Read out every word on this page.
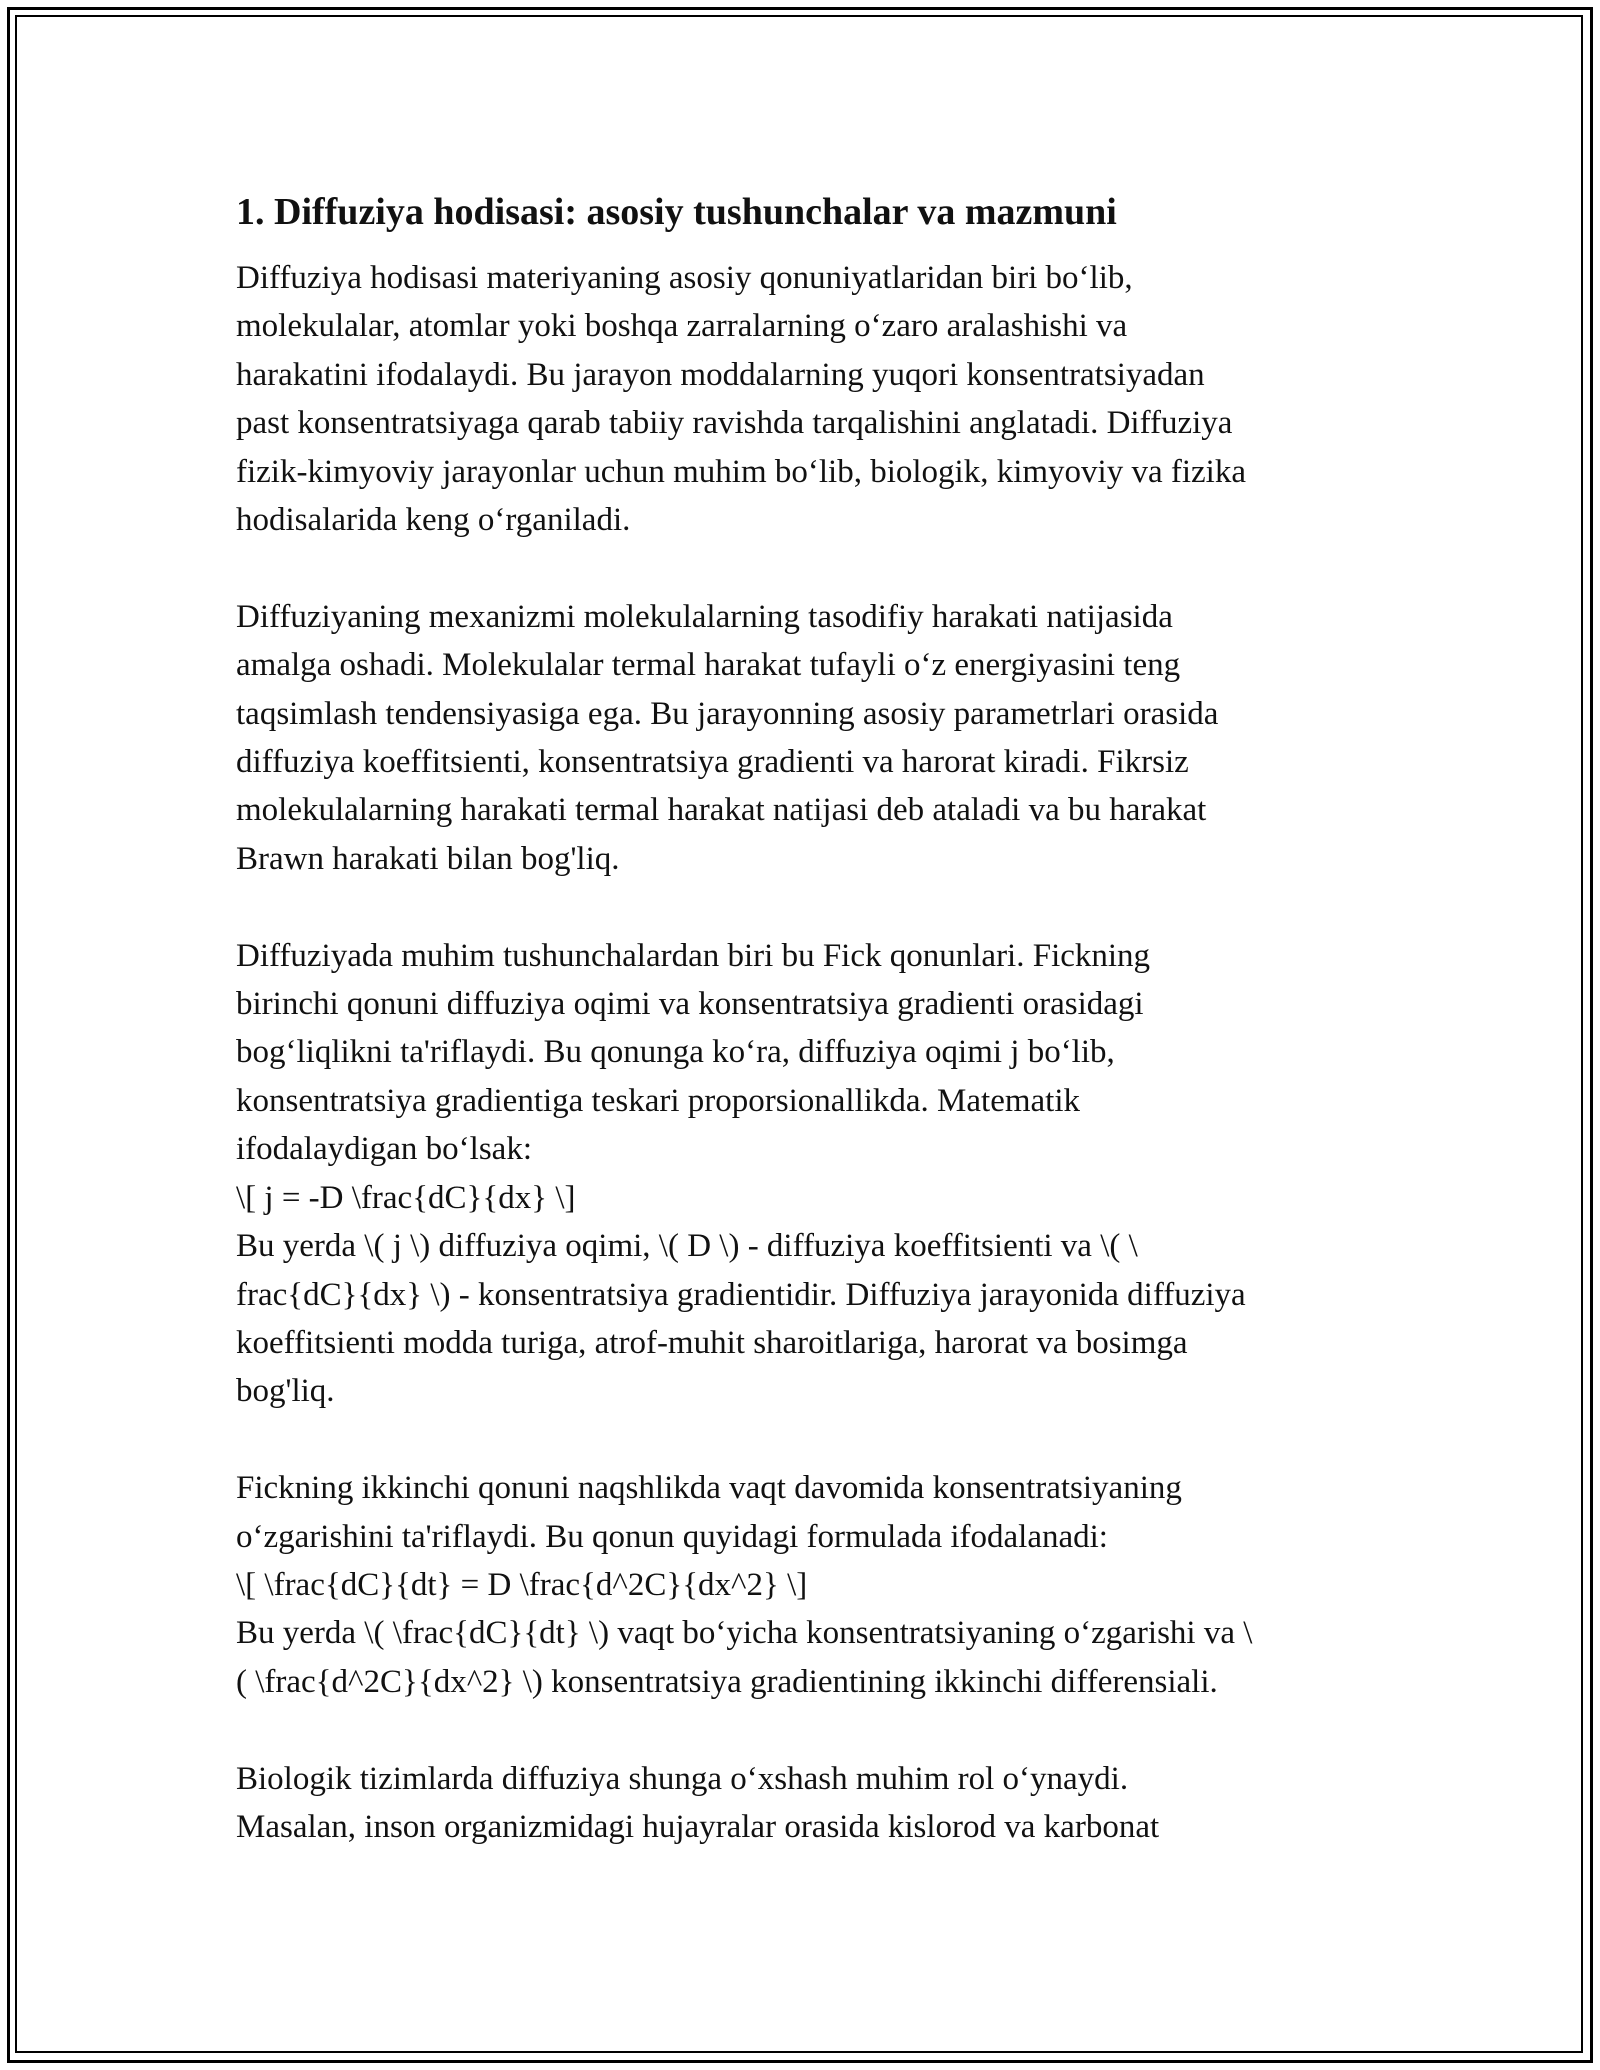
1. Diffuziya hodisasi: asosiy tushunchalar va mazmuni
Diffuziya hodisasi materiyaning asosiy qonuniyatlaridan biri bo‘lib,
molekulalar, atomlar yoki boshqa zarralarning o‘zaro aralashishi va
harakatini ifodalaydi. Bu jarayon moddalarning yuqori konsentratsiyadan
past konsentratsiyaga qarab tabiiy ravishda tarqalishini anglatadi. Diffuziya
fizik-kimyoviy jarayonlar uchun muhim bo‘lib, biologik, kimyoviy va fizika
hodisalarida keng o‘rganiladi.
Diffuziyaning mexanizmi molekulalarning tasodifiy harakati natijasida
amalga oshadi. Molekulalar termal harakat tufayli o‘z energiyasini teng
taqsimlash tendensiyasiga ega. Bu jarayonning asosiy parametrlari orasida
diffuziya koeffitsienti, konsentratsiya gradienti va harorat kiradi. Fikrsiz
molekulalarning harakati termal harakat natijasi deb ataladi va bu harakat
Brawn harakati bilan bog'liq.
Diffuziyada muhim tushunchalardan biri bu Fick qonunlari. Fickning
birinchi qonuni diffuziya oqimi va konsentratsiya gradienti orasidagi
bog‘liqlikni ta'riflaydi. Bu qonunga ko‘ra, diffuziya oqimi j bo‘lib,
konsentratsiya gradientiga teskari proporsionallikda. Matematik
ifodalaydigan bo‘lsak:
\[ j = -D \frac{dC}{dx} \]
Bu yerda \( j \) diffuziya oqimi, \( D \) - diffuziya koeffitsienti va \( \
frac{dC}{dx} \) - konsentratsiya gradientidir. Diffuziya jarayonida diffuziya
koeffitsienti modda turiga, atrof-muhit sharoitlariga, harorat va bosimga
bog'liq.
Fickning ikkinchi qonuni naqshlikda vaqt davomida konsentratsiyaning
o‘zgarishini ta'riflaydi. Bu qonun quyidagi formulada ifodalanadi:
\[ \frac{dC}{dt} = D \frac{d^2C}{dx^2} \]
Bu yerda \( \frac{dC}{dt} \) vaqt bo‘yicha konsentratsiyaning o‘zgarishi va \
( \frac{d^2C}{dx^2} \) konsentratsiya gradientining ikkinchi differensiali.
Biologik tizimlarda diffuziya shunga o‘xshash muhim rol o‘ynaydi.
Masalan, inson organizmidagi hujayralar orasida kislorod va karbonat
